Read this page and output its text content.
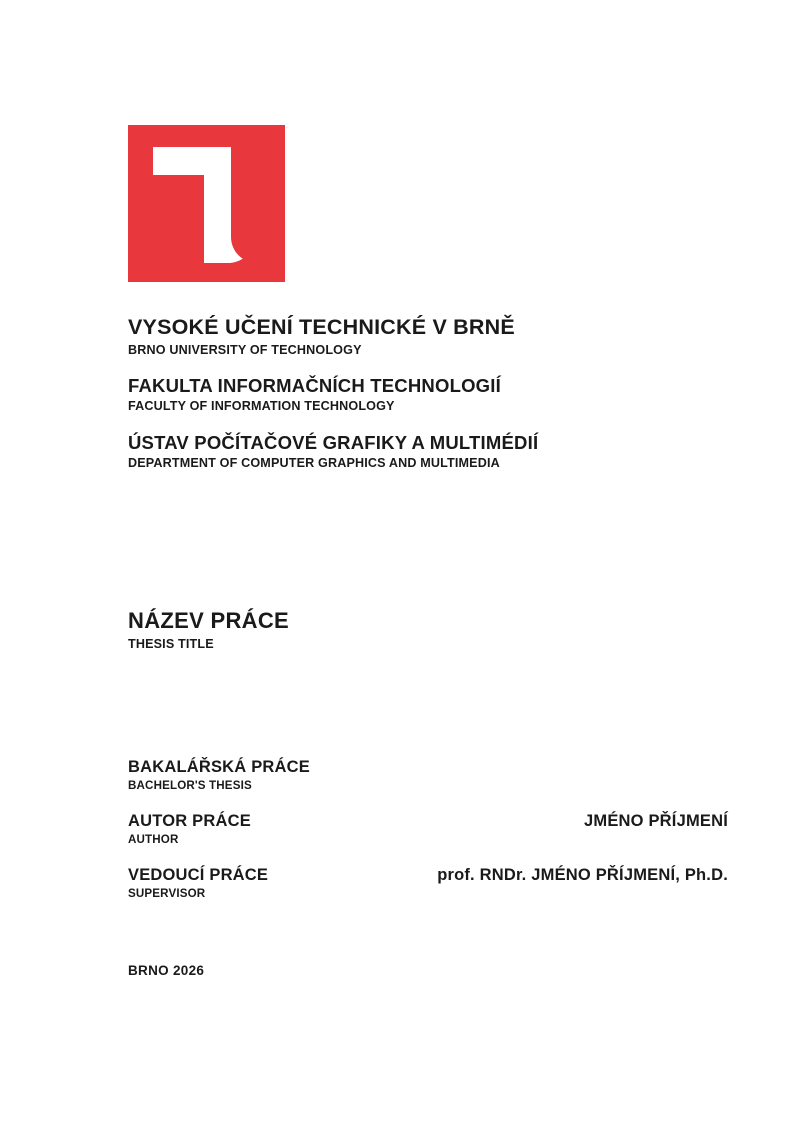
VYSOKÉ UČENÍ TECHNICKÉ V BRNĚ
BRNO UNIVERSITY OF TECHNOLOGY
FAKULTA INFORMAČNÍCH TECHNOLOGIÍ
FACULTY OF INFORMATION TECHNOLOGY
ÚSTAV POČÍTAČOVÉ GRAFIKY A MULTIMÉDIÍ
DEPARTMENT OF COMPUTER GRAPHICS AND MULTIMEDIA
NÁZEV PRÁCE
THESIS TITLE
BAKALÁŘSKÁ PRÁCE
BACHELOR'S THESIS
AUTOR PRÁCE
AUTHOR
JMÉNO PŘÍJMENÍ
VEDOUCÍ PRÁCE
SUPERVISOR
prof. RNDr. JMÉNO PŘÍJMENÍ, Ph.D.
BRNO 2026
